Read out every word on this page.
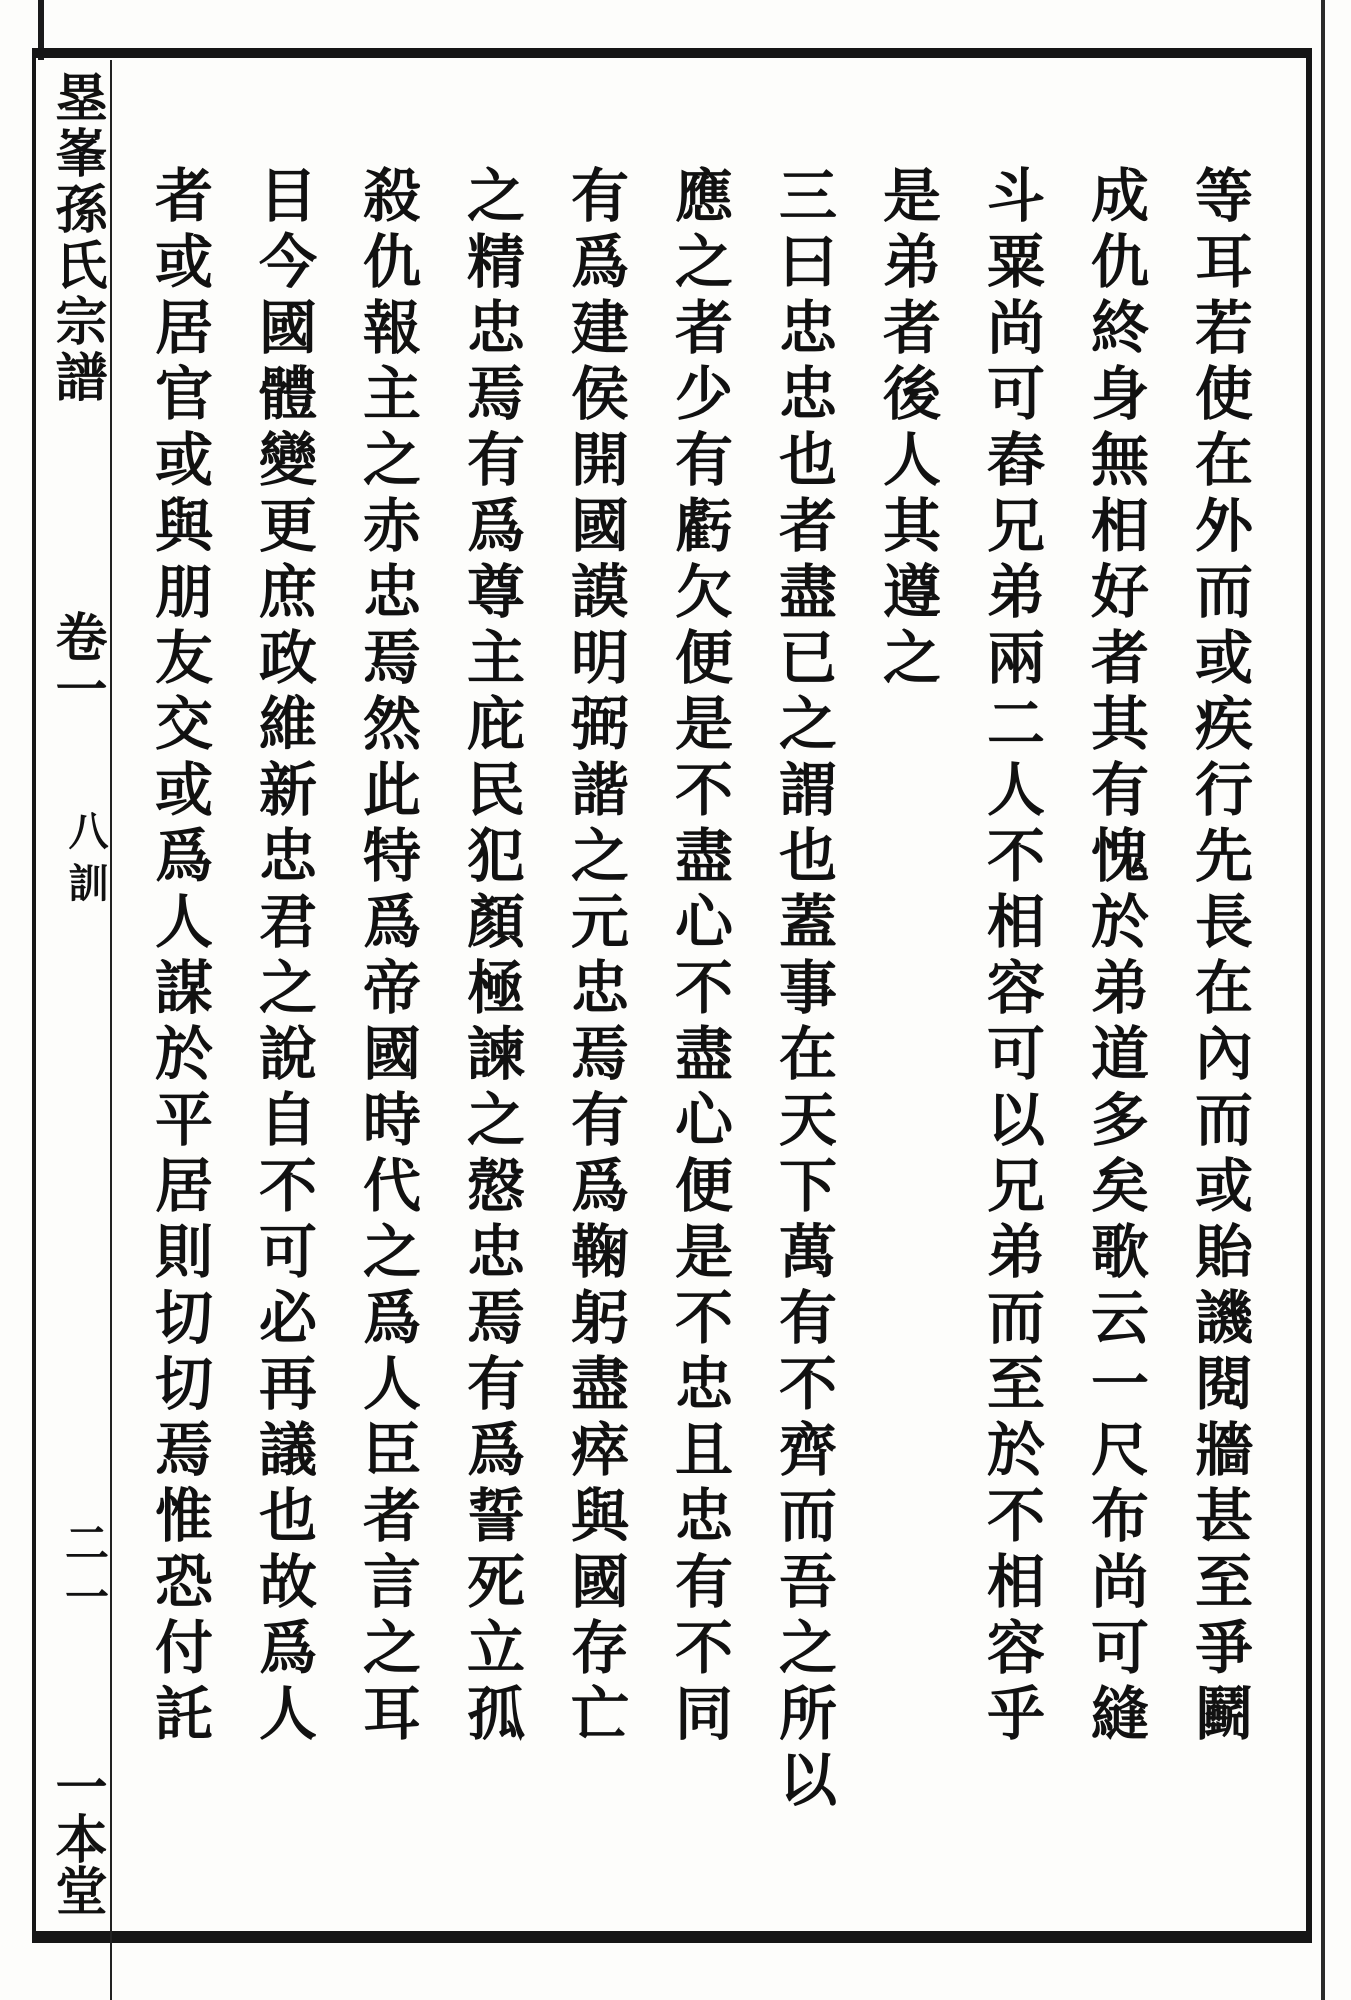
塁峯孫氏宗譜
卷一
八訓
二一
一本堂

等耳若使在外而或疾行先長在內而或貽譏閱牆甚至爭鬬

成仇終身無相好者其有愧於弟道多矣歌云一尺布尚可縫

斗粟尚可舂兄弟兩二人不相容可以兄弟而至於不相容乎

是弟者後人其遵之

三曰忠忠也者盡已之謂也蓋事在天下萬有不齊而吾之所以

應之者少有虧欠便是不盡心不盡心便是不忠且忠有不同

有爲建侯開國謨明弼諧之元忠焉有爲鞠躬盡瘁與國存亡

之精忠焉有爲尊主庇民犯顏極諫之慤忠焉有爲誓死立孤

殺仇報主之赤忠焉然此特爲帝國時代之爲人臣者言之耳

目今國體變更庶政維新忠君之說自不可必再議也故爲人

者或居官或與朋友交或爲人謀於平居則切切焉惟恐付託
